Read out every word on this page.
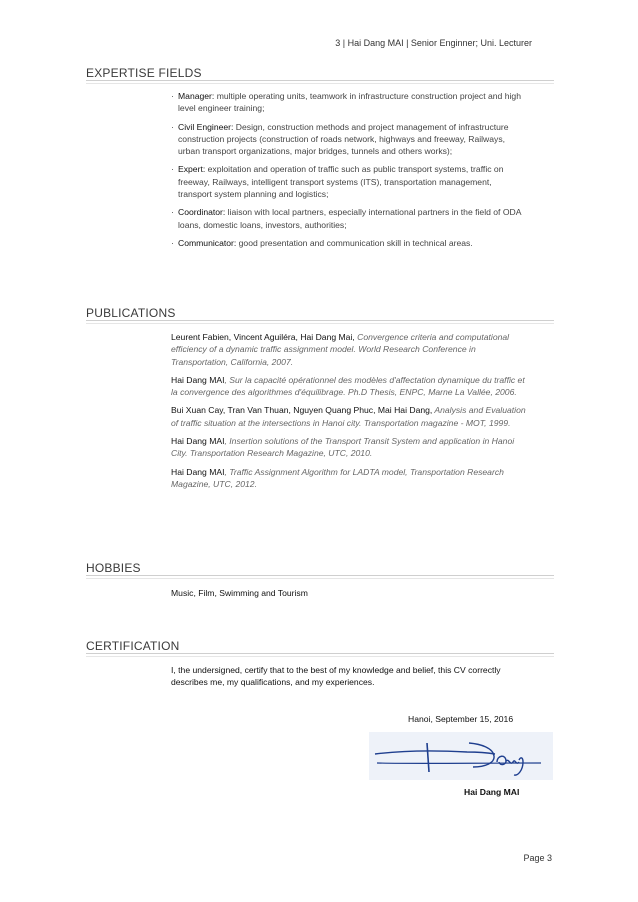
3 | Hai Dang MAI | Senior Enginner; Uni. Lecturer
EXPERTISE FIELDS
· Manager: multiple operating units, teamwork in infrastructure construction project and high level engineer training;
· Civil Engineer: Design, construction methods and project management of infrastructure construction projects (construction of roads network, highways and freeway, Railways, urban transport organizations, major bridges, tunnels and others works);
· Expert: exploitation and operation of traffic such as public transport systems, traffic on freeway, Railways, intelligent transport systems (ITS), transportation management, transport system planning and logistics;
· Coordinator: liaison with local partners, especially international partners in the field of ODA loans, domestic loans, investors, authorities;
· Communicator: good presentation and communication skill in technical areas.
PUBLICATIONS
Leurent Fabien, Vincent Aguiléra, Hai Dang Mai, Convergence criteria and computational efficiency of a dynamic traffic assignment model. World Research Conference in Transportation, California, 2007.
Hai Dang MAI, Sur la capacité opérationnel des modèles d'affectation dynamique du traffic et la convergence des algorithmes d'équilibrage. Ph.D Thesis, ENPC, Marne La Vallée, 2006.
Bui Xuan Cay, Tran Van Thuan, Nguyen Quang Phuc, Mai Hai Dang, Analysis and Evaluation of traffic situation at the intersections in Hanoi city. Transportation magazine - MOT, 1999.
Hai Dang MAI, Insertion solutions of the Transport Transit System and application in Hanoi City. Transportation Research Magazine, UTC, 2010.
Hai Dang MAI, Traffic Assignment Algorithm for LADTA model, Transportation Research Magazine, UTC, 2012.
HOBBIES
Music, Film, Swimming and Tourism
CERTIFICATION
I, the undersigned, certify that to the best of my knowledge and belief, this CV correctly describes me, my qualifications, and my experiences.
Hanoi, September 15, 2016
Hai Dang MAI
Page 3
